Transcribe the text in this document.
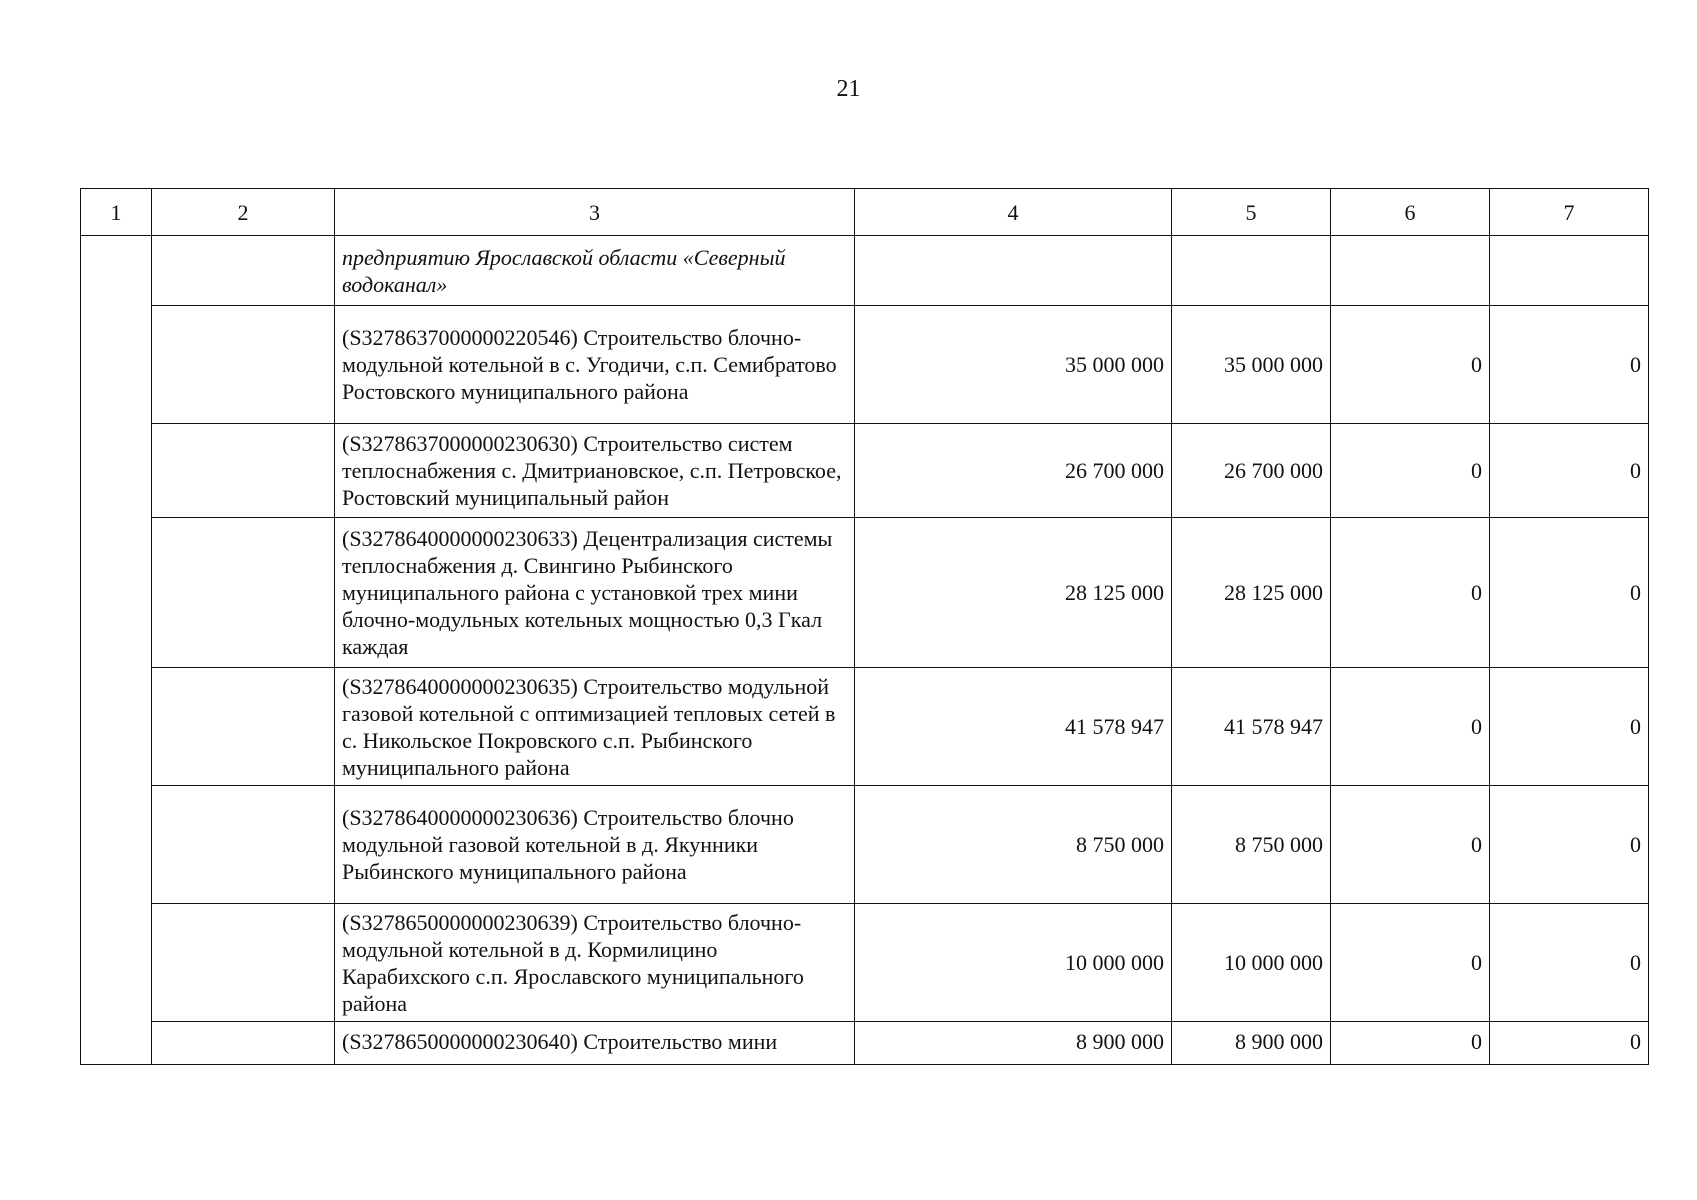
21
1	2	3	4	5	6	7
		предприятию Ярославской области «Северный водоканал»				
		(S3278637000000220546) Строительство блочно-модульной котельной в с. Угодичи, с.п. Семибратово Ростовского муниципального района	35 000 000	35 000 000	0	0
		(S3278637000000230630) Строительство систем теплоснабжения с. Дмитриановское, с.п. Петровское, Ростовский муниципальный район	26 700 000	26 700 000	0	0
		(S3278640000000230633) Децентрализация системы теплоснабжения д. Свингино Рыбинского муниципального района с установкой трех мини блочно-модульных котельных мощностью 0,3 Гкал каждая	28 125 000	28 125 000	0	0
		(S3278640000000230635) Строительство модульной газовой котельной с оптимизацией тепловых сетей в с. Никольское Покровского с.п. Рыбинского муниципального района	41 578 947	41 578 947	0	0
		(S3278640000000230636) Строительство блочно модульной газовой котельной в д. Якунники Рыбинского муниципального района	8 750 000	8 750 000	0	0
		(S3278650000000230639) Строительство блочно-модульной котельной в д. Кормилицино Карабихского с.п. Ярославского муниципального района	10 000 000	10 000 000	0	0
		(S3278650000000230640) Строительство мини	8 900 000	8 900 000	0	0
